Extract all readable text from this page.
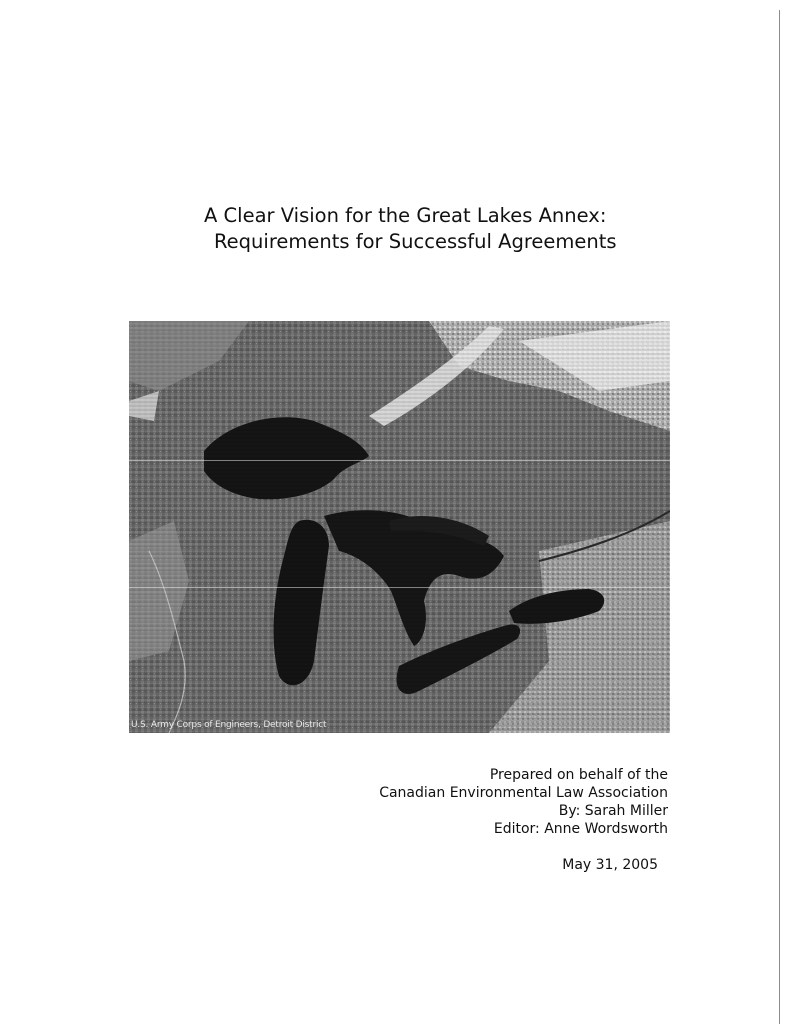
A Clear Vision for the Great Lakes Annex:
Requirements for Successful Agreements
U.S. Army Corps of Engineers, Detroit District
Prepared on behalf of the
Canadian Environmental Law Association
By: Sarah Miller
Editor: Anne Wordsworth
May 31, 2005
